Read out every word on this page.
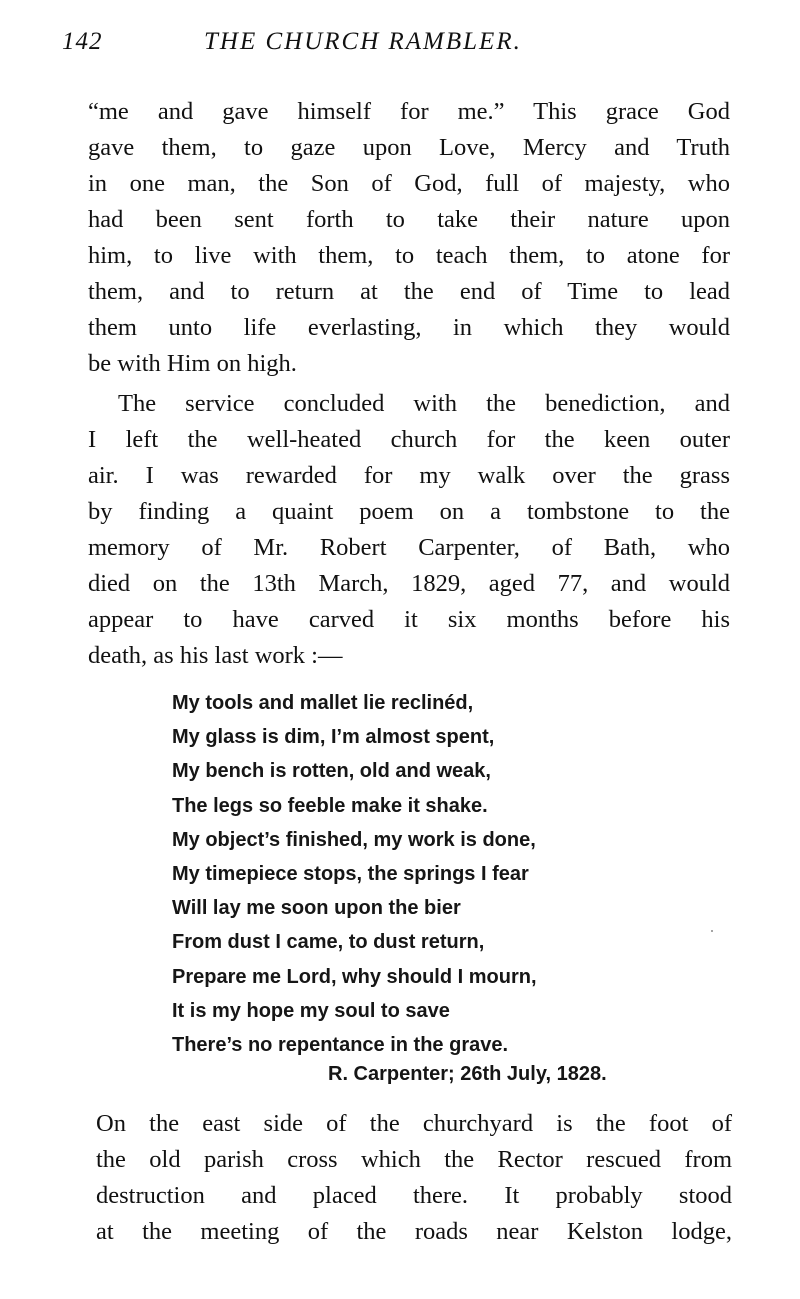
142	THE CHURCH RAMBLER.
“me and gave himself for me.” This grace God
gave them, to gaze upon Love, Mercy and Truth
in one man, the Son of God, full of majesty, who
had been sent forth to take their nature upon
him, to live with them, to teach them, to atone for
them, and to return at the end of Time to lead
them unto life everlasting, in which they would
be with Him on high.
The service concluded with the benediction, and
I left the well-heated church for the keen outer
air. I was rewarded for my walk over the grass
by finding a quaint poem on a tombstone to the
memory of Mr. Robert Carpenter, of Bath, who
died on the 13th March, 1829, aged 77, and would
appear to have carved it six months before his
death, as his last work :—
My tools and mallet lie reclinéd,
My glass is dim, I’m almost spent,
My bench is rotten, old and weak,
The legs so feeble make it shake.
My object’s finished, my work is done,
My timepiece stops, the springs I fear
Will lay me soon upon the bier
From dust I came, to dust return,
Prepare me Lord, why should I mourn,
It is my hope my soul to save
There’s no repentance in the grave.
R. Carpenter; 26th July, 1828.
On the east side of the churchyard is the foot of
the old parish cross which the Rector rescued from
destruction and placed there. It probably stood
at the meeting of the roads near Kelston lodge,
